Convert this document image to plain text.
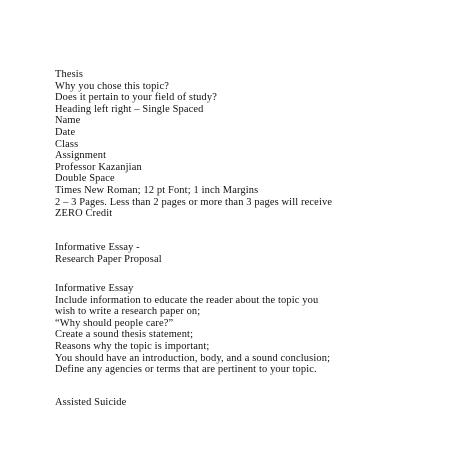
Thesis
Why you chose this topic?
Does it pertain to your field of study?
Heading left right – Single Spaced
Name
Date
Class
Assignment
Professor Kazanjian
Double Space
Times New Roman; 12 pt Font; 1 inch Margins
2 – 3 Pages. Less than 2 pages or more than 3 pages will receive
ZERO Credit
Informative Essay -
Research Paper Proposal
Informative Essay
Include information to educate the reader about the topic you
wish to write a research paper on;
“Why should people care?”
Create a sound thesis statement;
Reasons why the topic is important;
You should have an introduction, body, and a sound conclusion;
Define any agencies or terms that are pertinent to your topic.
Assisted Suicide
